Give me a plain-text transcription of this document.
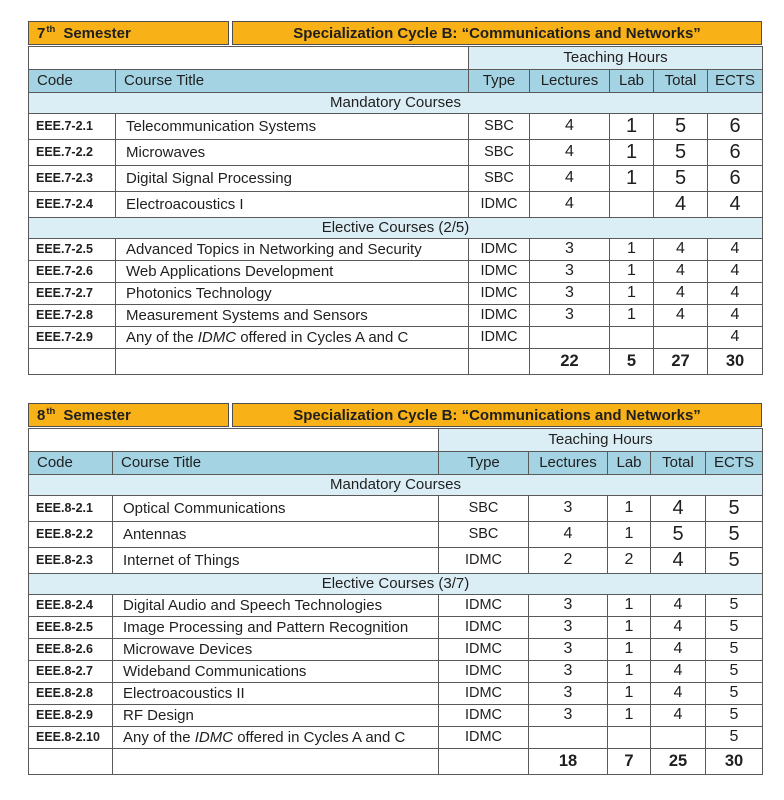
7th Semester	Specialization Cycle B: “Communications and Networks”
		Teaching Hours				
Code	Course Title	Type	Lectures	Lab	Total	ECTS
Mandatory Courses						
EEE.7-2.1	Telecommunication Systems	SBC	4	1	5	6
EEE.7-2.2	Microwaves	SBC	4	1	5	6
EEE.7-2.3	Digital Signal Processing	SBC	4	1	5	6
EEE.7-2.4	Electroacoustics I	IDMC	4		4	4
Elective Courses (2/5)						
EEE.7-2.5	Advanced Topics in Networking and Security	IDMC	3	1	4	4
EEE.7-2.6	Web Applications Development	IDMC	3	1	4	4
EEE.7-2.7	Photonics Technology	IDMC	3	1	4	4
EEE.7-2.8	Measurement Systems and Sensors	IDMC	3	1	4	4
EEE.7-2.9	Any of the IDMC offered in Cycles A and C	IDMC				4
			22	5	27	30
8th Semester	Specialization Cycle B: “Communications and Networks”
		Teaching Hours				
Code	Course Title	Type	Lectures	Lab	Total	ECTS
Mandatory Courses						
EEE.8-2.1	Optical Communications	SBC	3	1	4	5
EEE.8-2.2	Antennas	SBC	4	1	5	5
EEE.8-2.3	Internet of Things	IDMC	2	2	4	5
Elective Courses (3/7)						
EEE.8-2.4	Digital Audio and Speech Technologies	IDMC	3	1	4	5
EEE.8-2.5	Image Processing and Pattern Recognition	IDMC	3	1	4	5
EEE.8-2.6	Microwave Devices	IDMC	3	1	4	5
EEE.8-2.7	Wideband Communications	IDMC	3	1	4	5
EEE.8-2.8	Electroacoustics II	IDMC	3	1	4	5
EEE.8-2.9	RF Design	IDMC	3	1	4	5
EEE.8-2.10	Any of the IDMC offered in Cycles A and C	IDMC				5
			18	7	25	30
